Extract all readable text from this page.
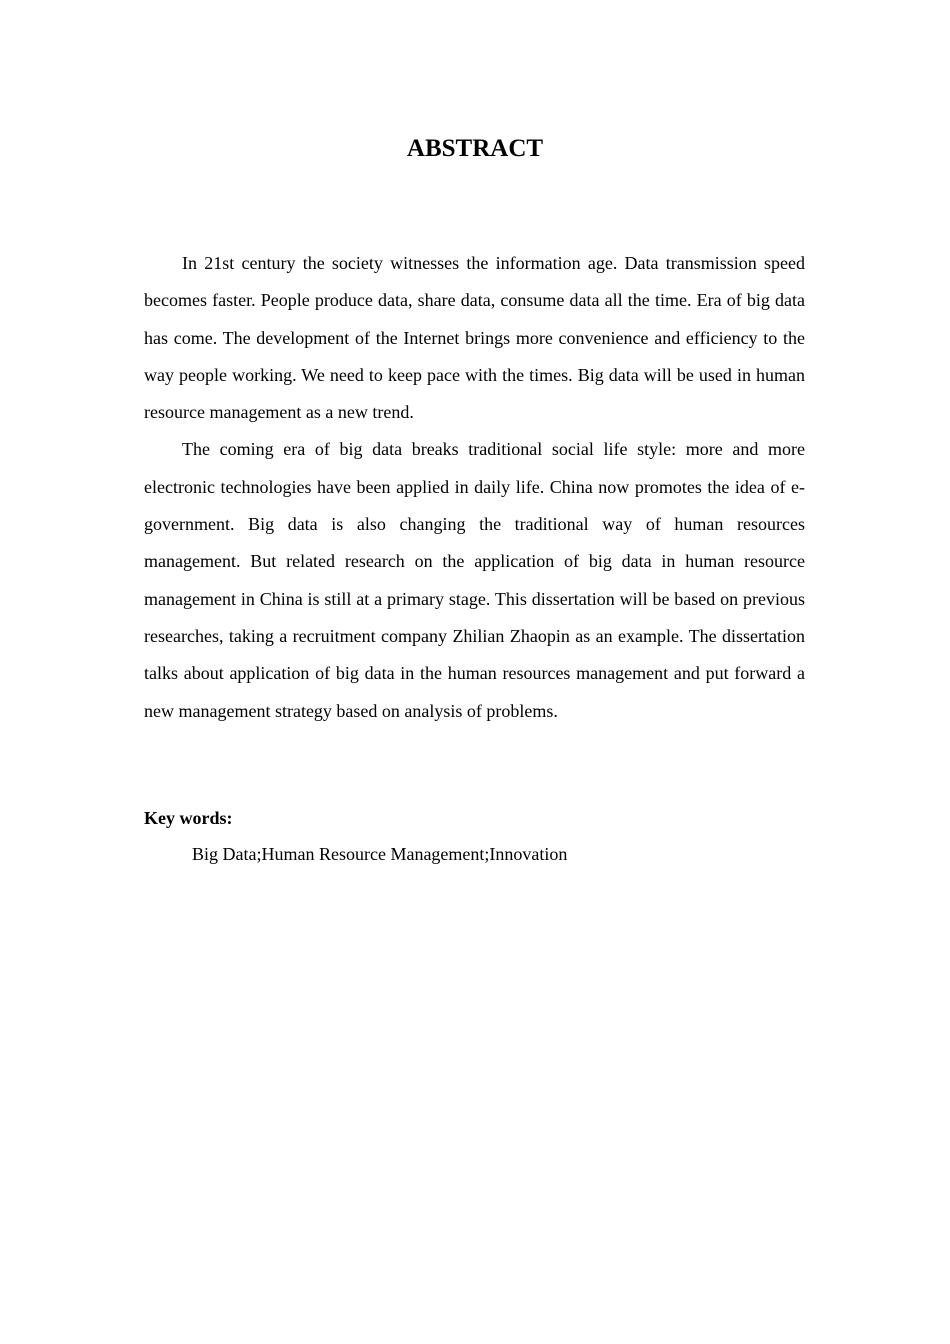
ABSTRACT

In 21st century the society witnesses the information age. Data transmission speed becomes faster. People produce data, share data, consume data all the time. Era of big data has come. The development of the Internet brings more convenience and efficiency to the way people working. We need to keep pace with the times. Big data will be used in human resource management as a new trend.

The coming era of big data breaks traditional social life style: more and more electronic technologies have been applied in daily life. China now promotes the idea of e-government. Big data is also changing the traditional way of human resources management. But related research on the application of big data in human resource management in China is still at a primary stage. This dissertation will be based on previous researches, taking a recruitment company Zhilian Zhaopin as an example. The dissertation talks about application of big data in the human resources management and put forward a new management strategy based on analysis of problems.

Key words:

Big Data;Human Resource Management;Innovation
